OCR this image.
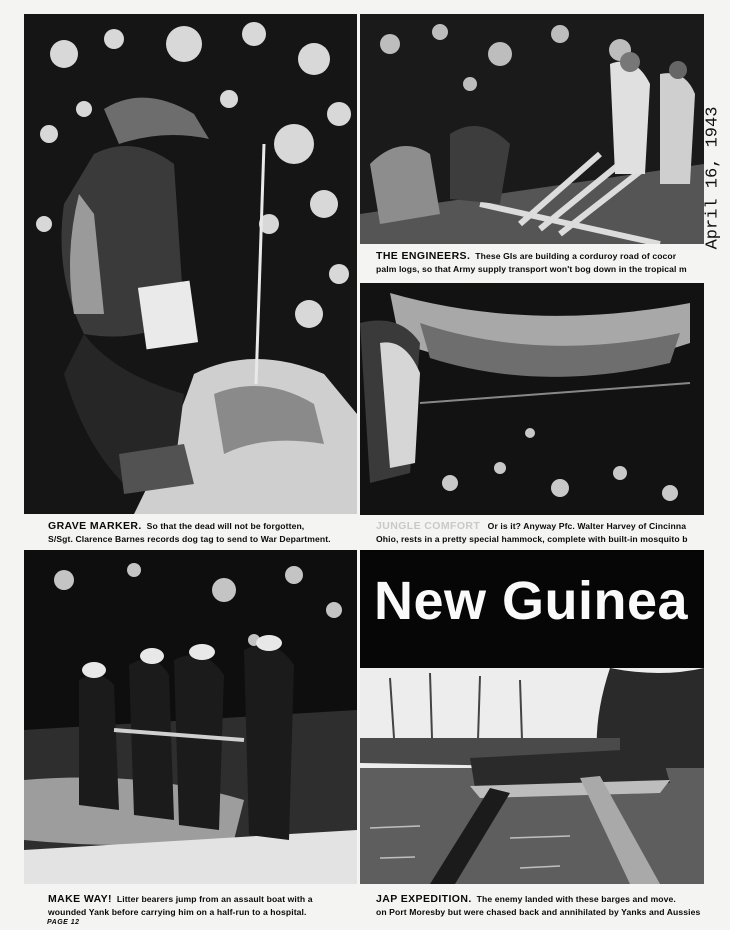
April 16, 1943
THE ENGINEERS. These GIs are building a corduroy road of cocor
palm logs, so that Army supply transport won't bog down in the tropical m
GRAVE MARKER. So that the dead will not be forgotten,
S/Sgt. Clarence Barnes records dog tag to send to War Department.
JUNGLE COMFORT Or is it? Anyway Pfc. Walter Harvey of Cincinna
Ohio, rests in a pretty special hammock, complete with built-in mosquito b
New Guinea
MAKE WAY! Litter bearers jump from an assault boat with a
wounded Yank before carrying him on a half-run to a hospital.
JAP EXPEDITION. The enemy landed with these barges and move.
on Port Moresby but were chased back and annihilated by Yanks and Aussies
PAGE 12
